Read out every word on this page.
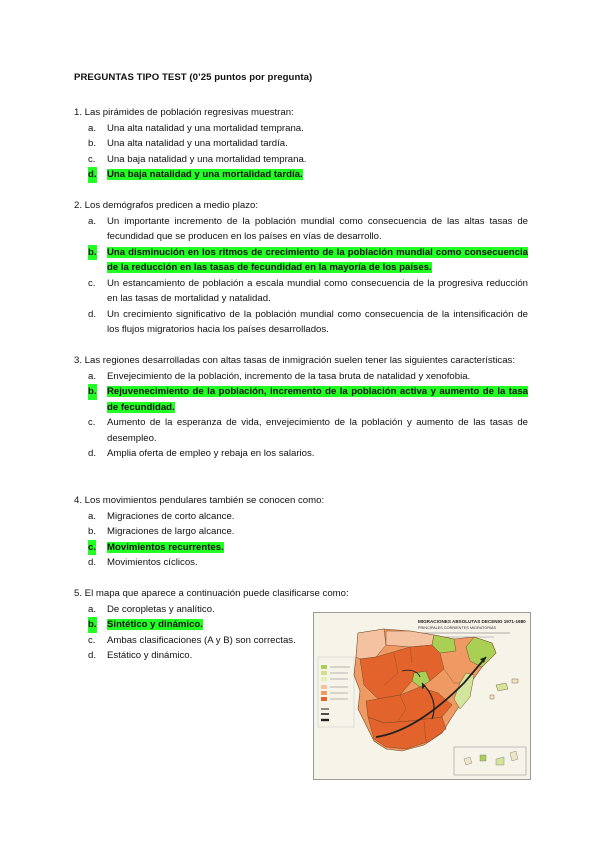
PREGUNTAS TIPO TEST (0’25 puntos por pregunta)
1. Las pirámides de población regresivas muestran:
a. Una alta natalidad y una mortalidad temprana.
b. Una alta natalidad y una mortalidad tardía.
c. Una baja natalidad y una mortalidad temprana.
d. Una baja natalidad y una mortalidad tardía.
2. Los demógrafos predicen a medio plazo:
a. Un importante incremento de la población mundial como consecuencia de las altas tasas de fecundidad que se producen en los países en vías de desarrollo.
b. Una disminución en los ritmos de crecimiento de la población mundial como consecuencia de la reducción en las tasas de fecundidad en la mayoría de los países.
c. Un estancamiento de población a escala mundial como consecuencia de la progresiva reducción en las tasas de mortalidad y natalidad.
d. Un crecimiento significativo de la población mundial como consecuencia de la intensificación de los flujos migratorios hacia los países desarrollados.
3. Las regiones desarrolladas con altas tasas de inmigración suelen tener las siguientes características:
a. Envejecimiento de la población, incremento de la tasa bruta de natalidad y xenofobia.
b. Rejuvenecimiento de la población, incremento de la población activa y aumento de la tasa de fecundidad.
c. Aumento de la esperanza de vida, envejecimiento de la población y aumento de las tasas de desempleo.
d. Amplia oferta de empleo y rebaja en los salarios.
4. Los movimientos pendulares también se conocen como:
a. Migraciones de corto alcance.
b. Migraciones de largo alcance.
c. Movimientos recurrentes.
d. Movimientos cíclicos.
5. El mapa que aparece a continuación puede clasificarse como:
a. De coropletas y analítico.
b. Sintético y dinámico.
c. Ambas clasificaciones (A y B) son correctas.
d. Estático y dinámico.
MIGRACIONES ABSOLUTAS DECENIO 1971-1980
PRINCIPALES CORRIENTES MIGRATORIAS
